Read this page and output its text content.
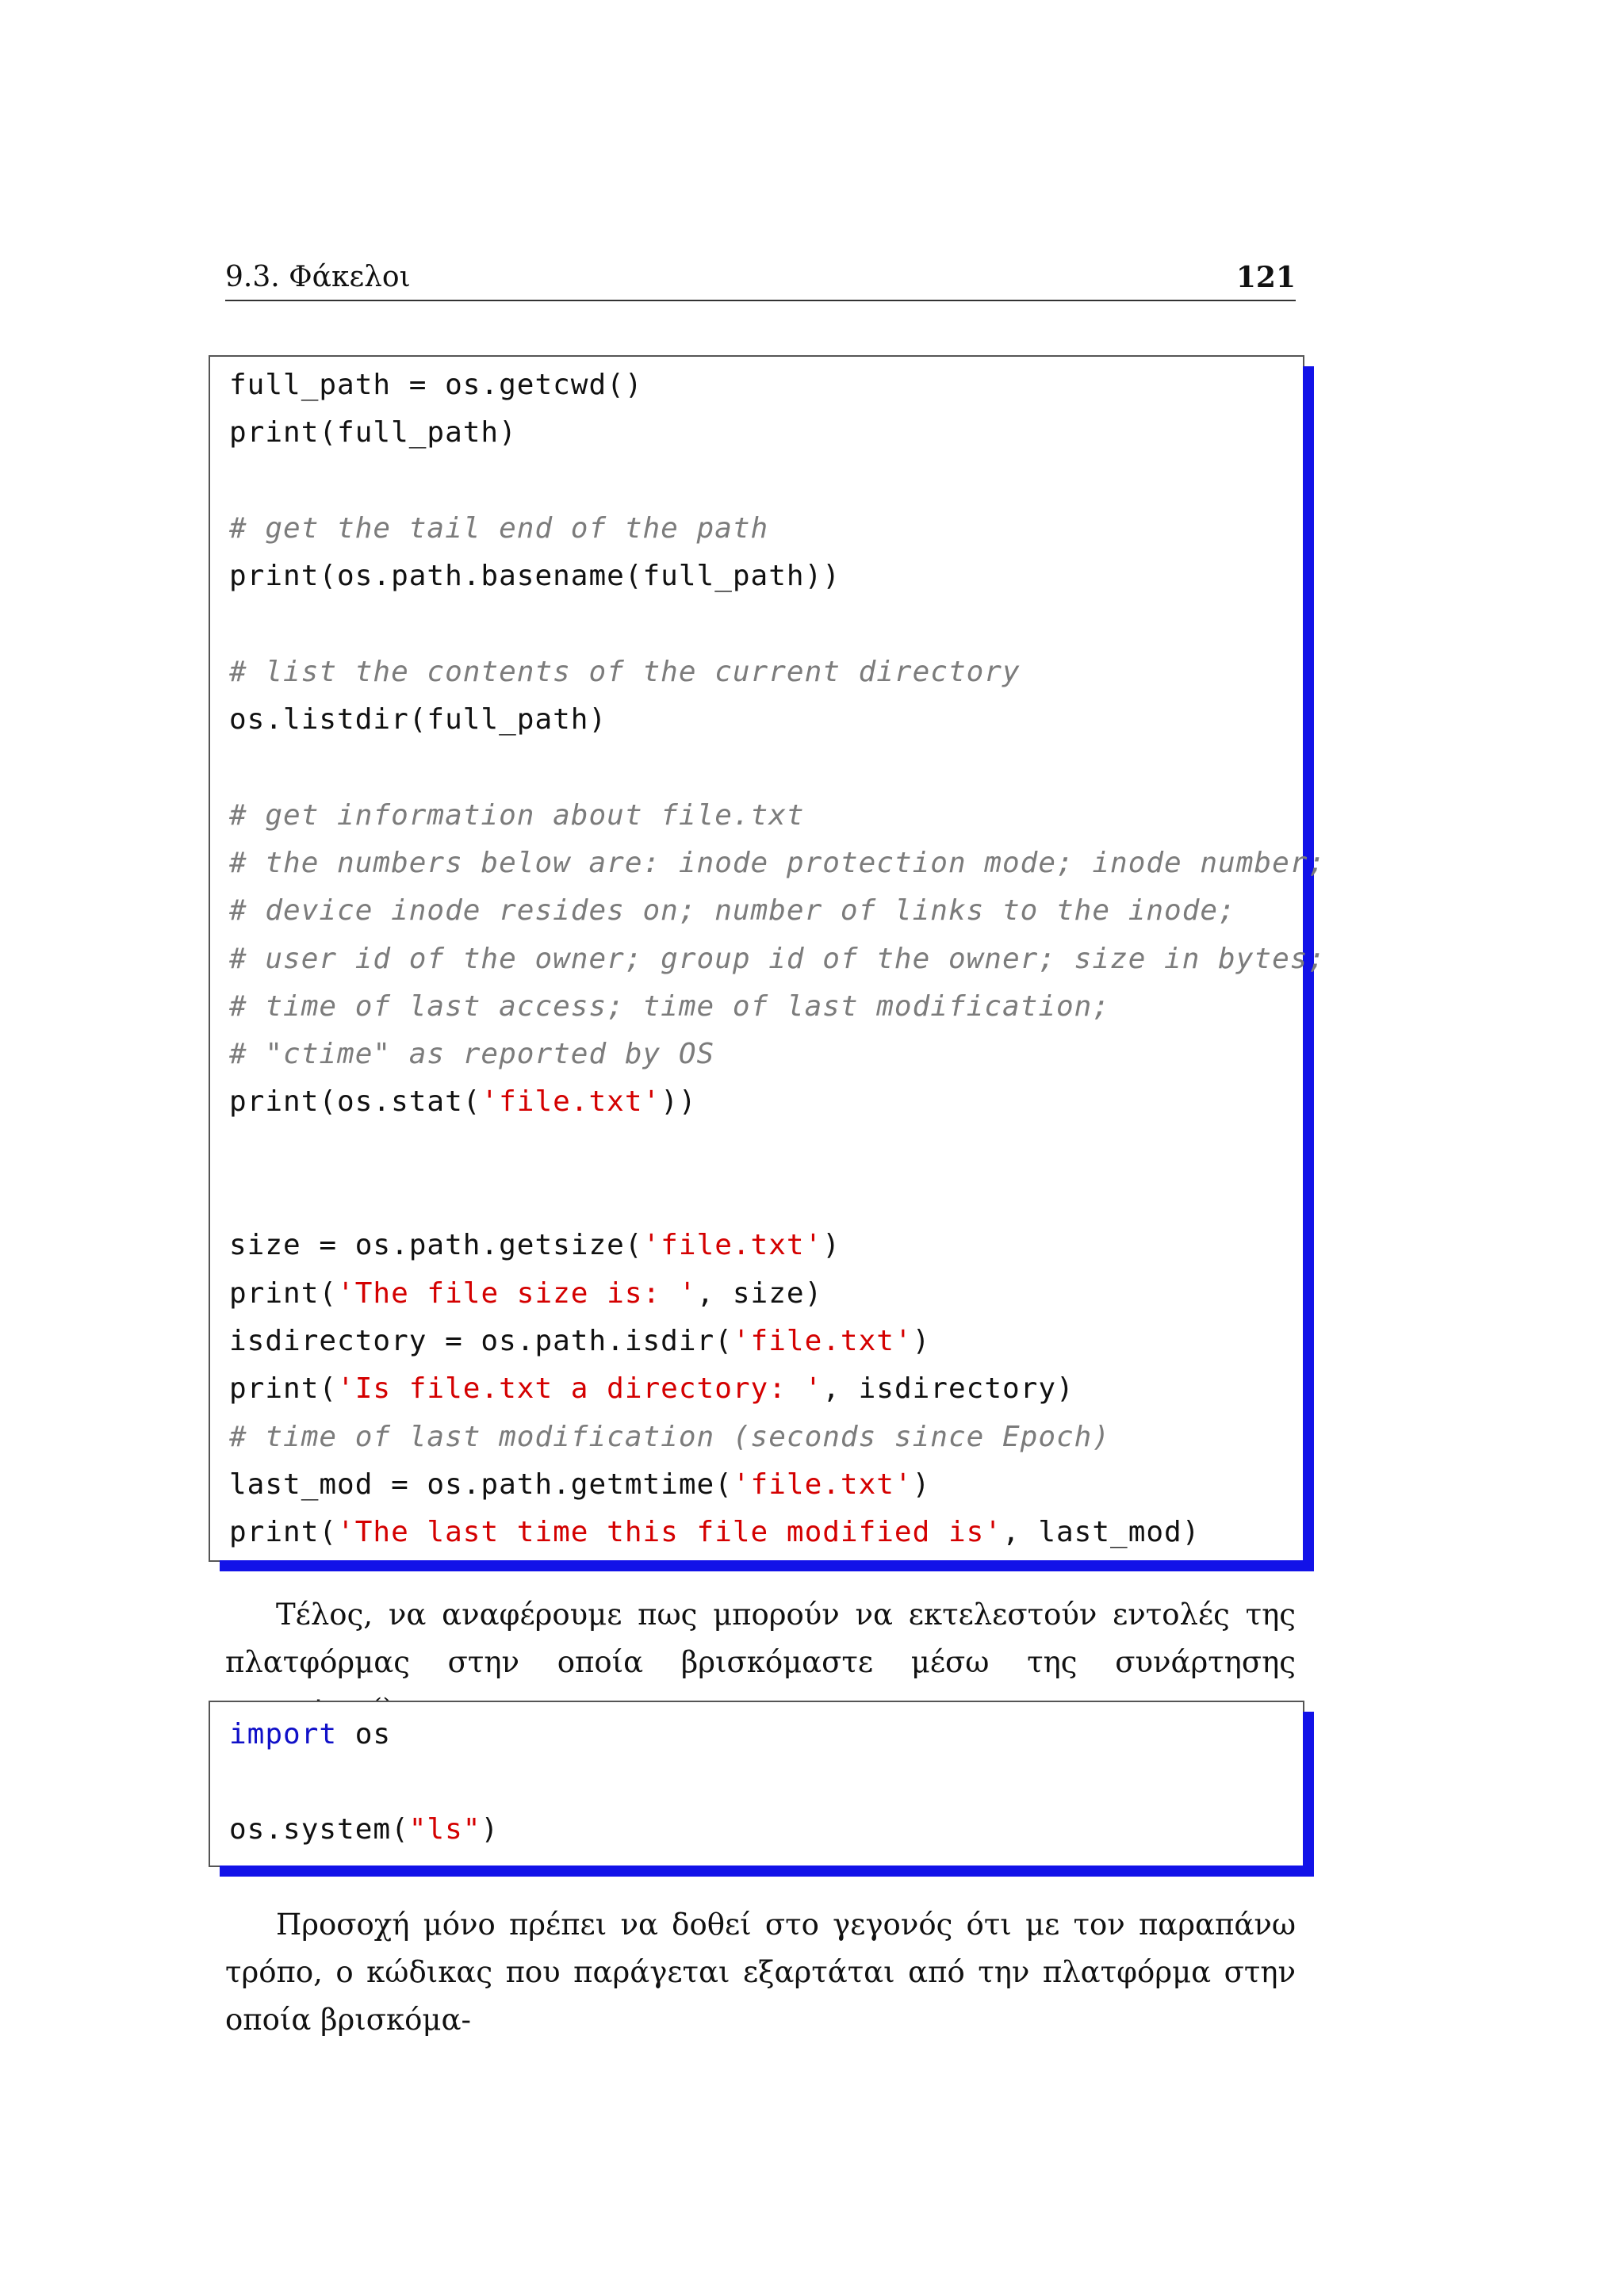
9.3. Φάκελοι	121
full_path = os.getcwd()
print(full_path)
# get the tail end of the path
print(os.path.basename(full_path))
# list the contents of the current directory
os.listdir(full_path)
# get information about file.txt
# the numbers below are: inode protection mode; inode number;
# device inode resides on; number of links to the inode;
# user id of the owner; group id of the owner; size in bytes;
# time of last access; time of last modification;
# "ctime" as reported by OS
print(os.stat('file.txt'))
size = os.path.getsize('file.txt')
print('The file size is: ', size)
isdirectory = os.path.isdir('file.txt')
print('Is file.txt a directory: ', isdirectory)
# time of last modification (seconds since Epoch)
last_mod = os.path.getmtime('file.txt')
print('The last time this file modified is', last_mod)

Τέλος, να αναφέρουμε πως μπορούν να εκτελεστούν εντολές της πλατφόρμας στην οποία βρισκόμαστε μέσω της συνάρτησης

import os
os.system("ls")

Προσοχή μόνο πρέπει να δοθεί στο γεγονός ότι με τον παραπάνω τρόπο, ο κώδικας που παράγεται εξαρτάται από την πλατφόρμα στην οποία βρισκόμα-
